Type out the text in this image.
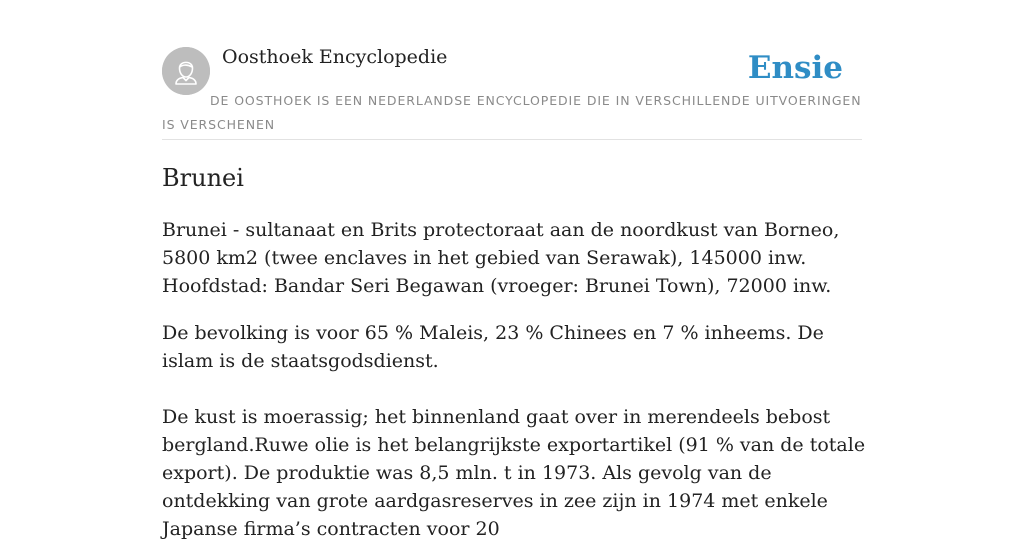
Oosthoek Encyclopedie	Ensie
DE OOSTHOEK IS EEN NEDERLANDSE ENCYCLOPEDIE DIE IN VERSCHILLENDE UITVOERINGEN IS VERSCHENEN
Brunei

Brunei - sultanaat en Brits protectoraat aan de noordkust van Borneo, 5800 km2 (twee enclaves in het gebied van Serawak), 145000 inw. Hoofdstad: Bandar Seri Begawan (vroeger: Brunei Town), 72000 inw.

De bevolking is voor 65 % Maleis, 23 % Chinees en 7 % inheems. De islam is de staatsgodsdienst.

De kust is moerassig; het binnenland gaat over in merendeels bebost bergland.Ruwe olie is het belangrijkste exportartikel (91 % van de totale export). De produktie was 8,5 mln. t in 1973. Als gevolg van de ontdekking van grote aardgasreserves in zee zijn in 1974 met enkele Japanse firma’s contracten voor 20
